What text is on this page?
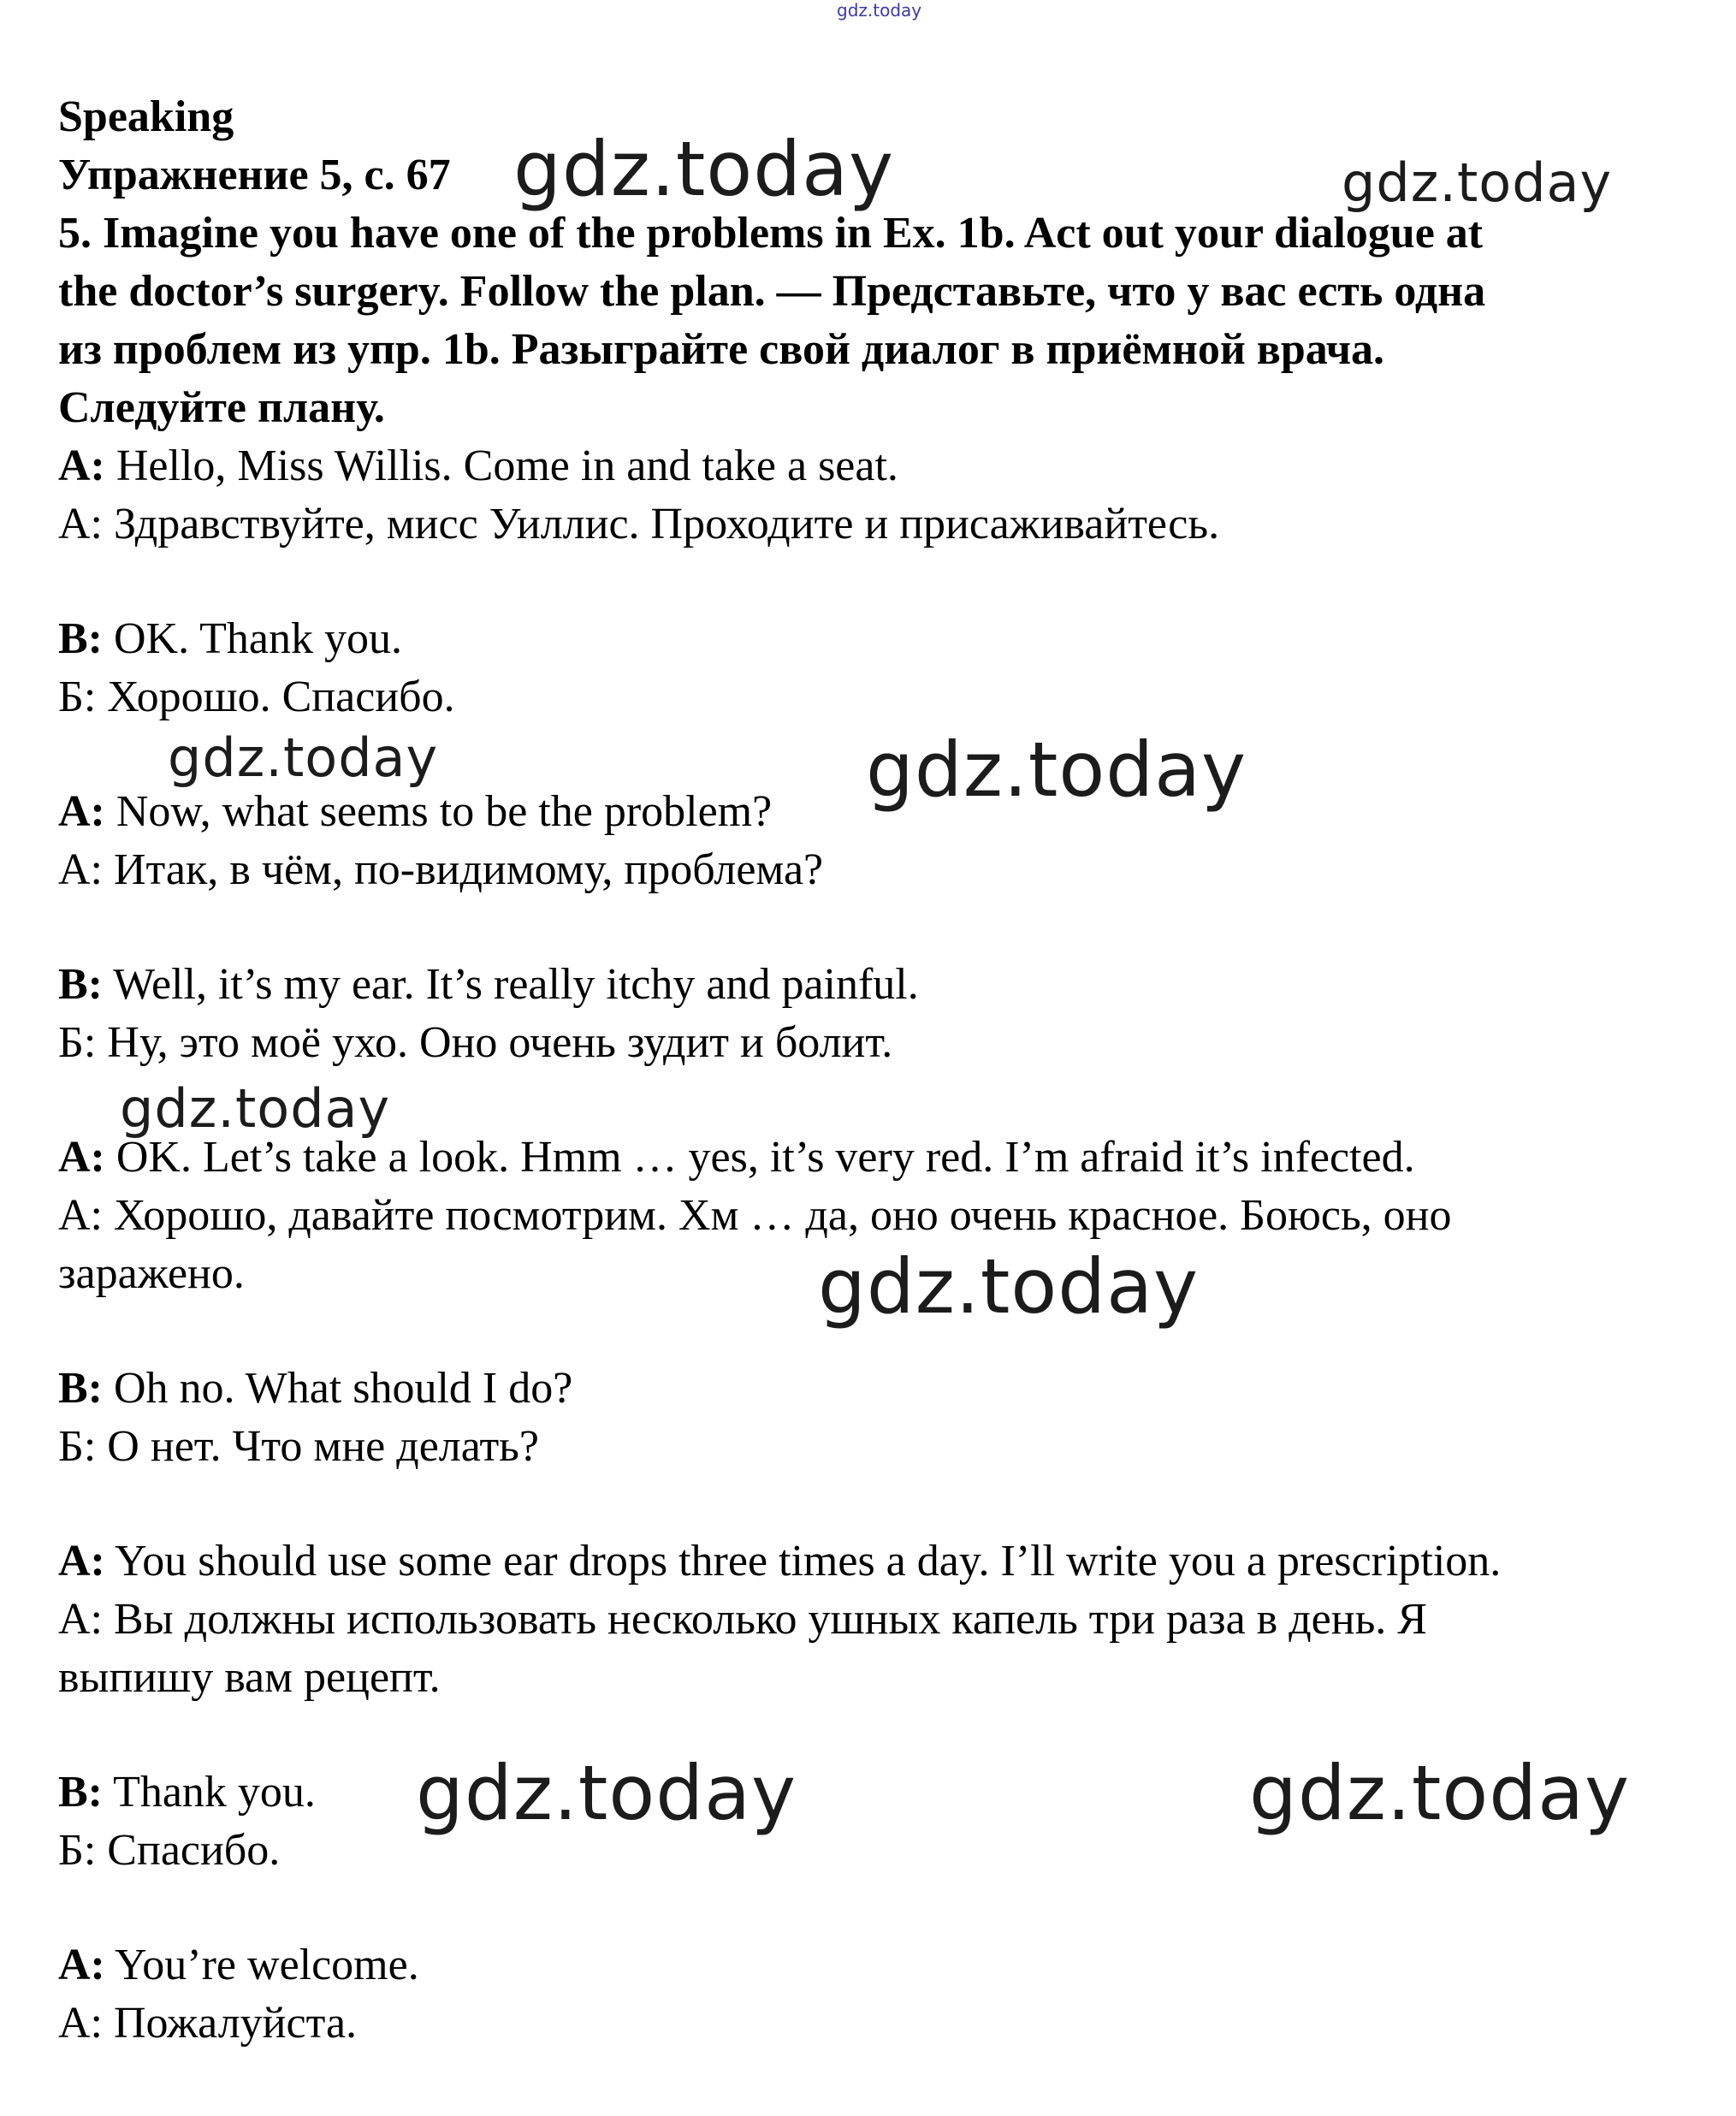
gdz.today
Speaking
Упражнение 5, с. 67
5. Imagine you have one of the problems in Ex. 1b. Act out your dialogue at
the doctor’s surgery. Follow the plan. — Представьте, что у вас есть одна
из проблем из упр. 1b. Разыграйте свой диалог в приёмной врача.
Следуйте плану.
A: Hello, Miss Willis. Come in and take a seat.
А: Здравствуйте, мисс Уиллис. Проходите и присаживайтесь.
B: OK. Thank you.
Б: Хорошо. Спасибо.
A: Now, what seems to be the problem?
А: Итак, в чём, по-видимому, проблема?
B: Well, it’s my ear. It’s really itchy and painful.
Б: Ну, это моё ухо. Оно очень зудит и болит.
A: OK. Let’s take a look. Hmm … yes, it’s very red. I’m afraid it’s infected.
А: Хорошо, давайте посмотрим. Хм … да, оно очень красное. Боюсь, оно
заражено.
B: Oh no. What should I do?
Б: О нет. Что мне делать?
A: You should use some ear drops three times a day. I’ll write you a prescription.
А: Вы должны использовать несколько ушных капель три раза в день. Я
выпишу вам рецепт.
B: Thank you.
Б: Спасибо.
A: You’re welcome.
А: Пожалуйста.
gdz.today	gdz.today
gdz.today	gdz.today
gdz.today
gdz.today
gdz.today	gdz.today
